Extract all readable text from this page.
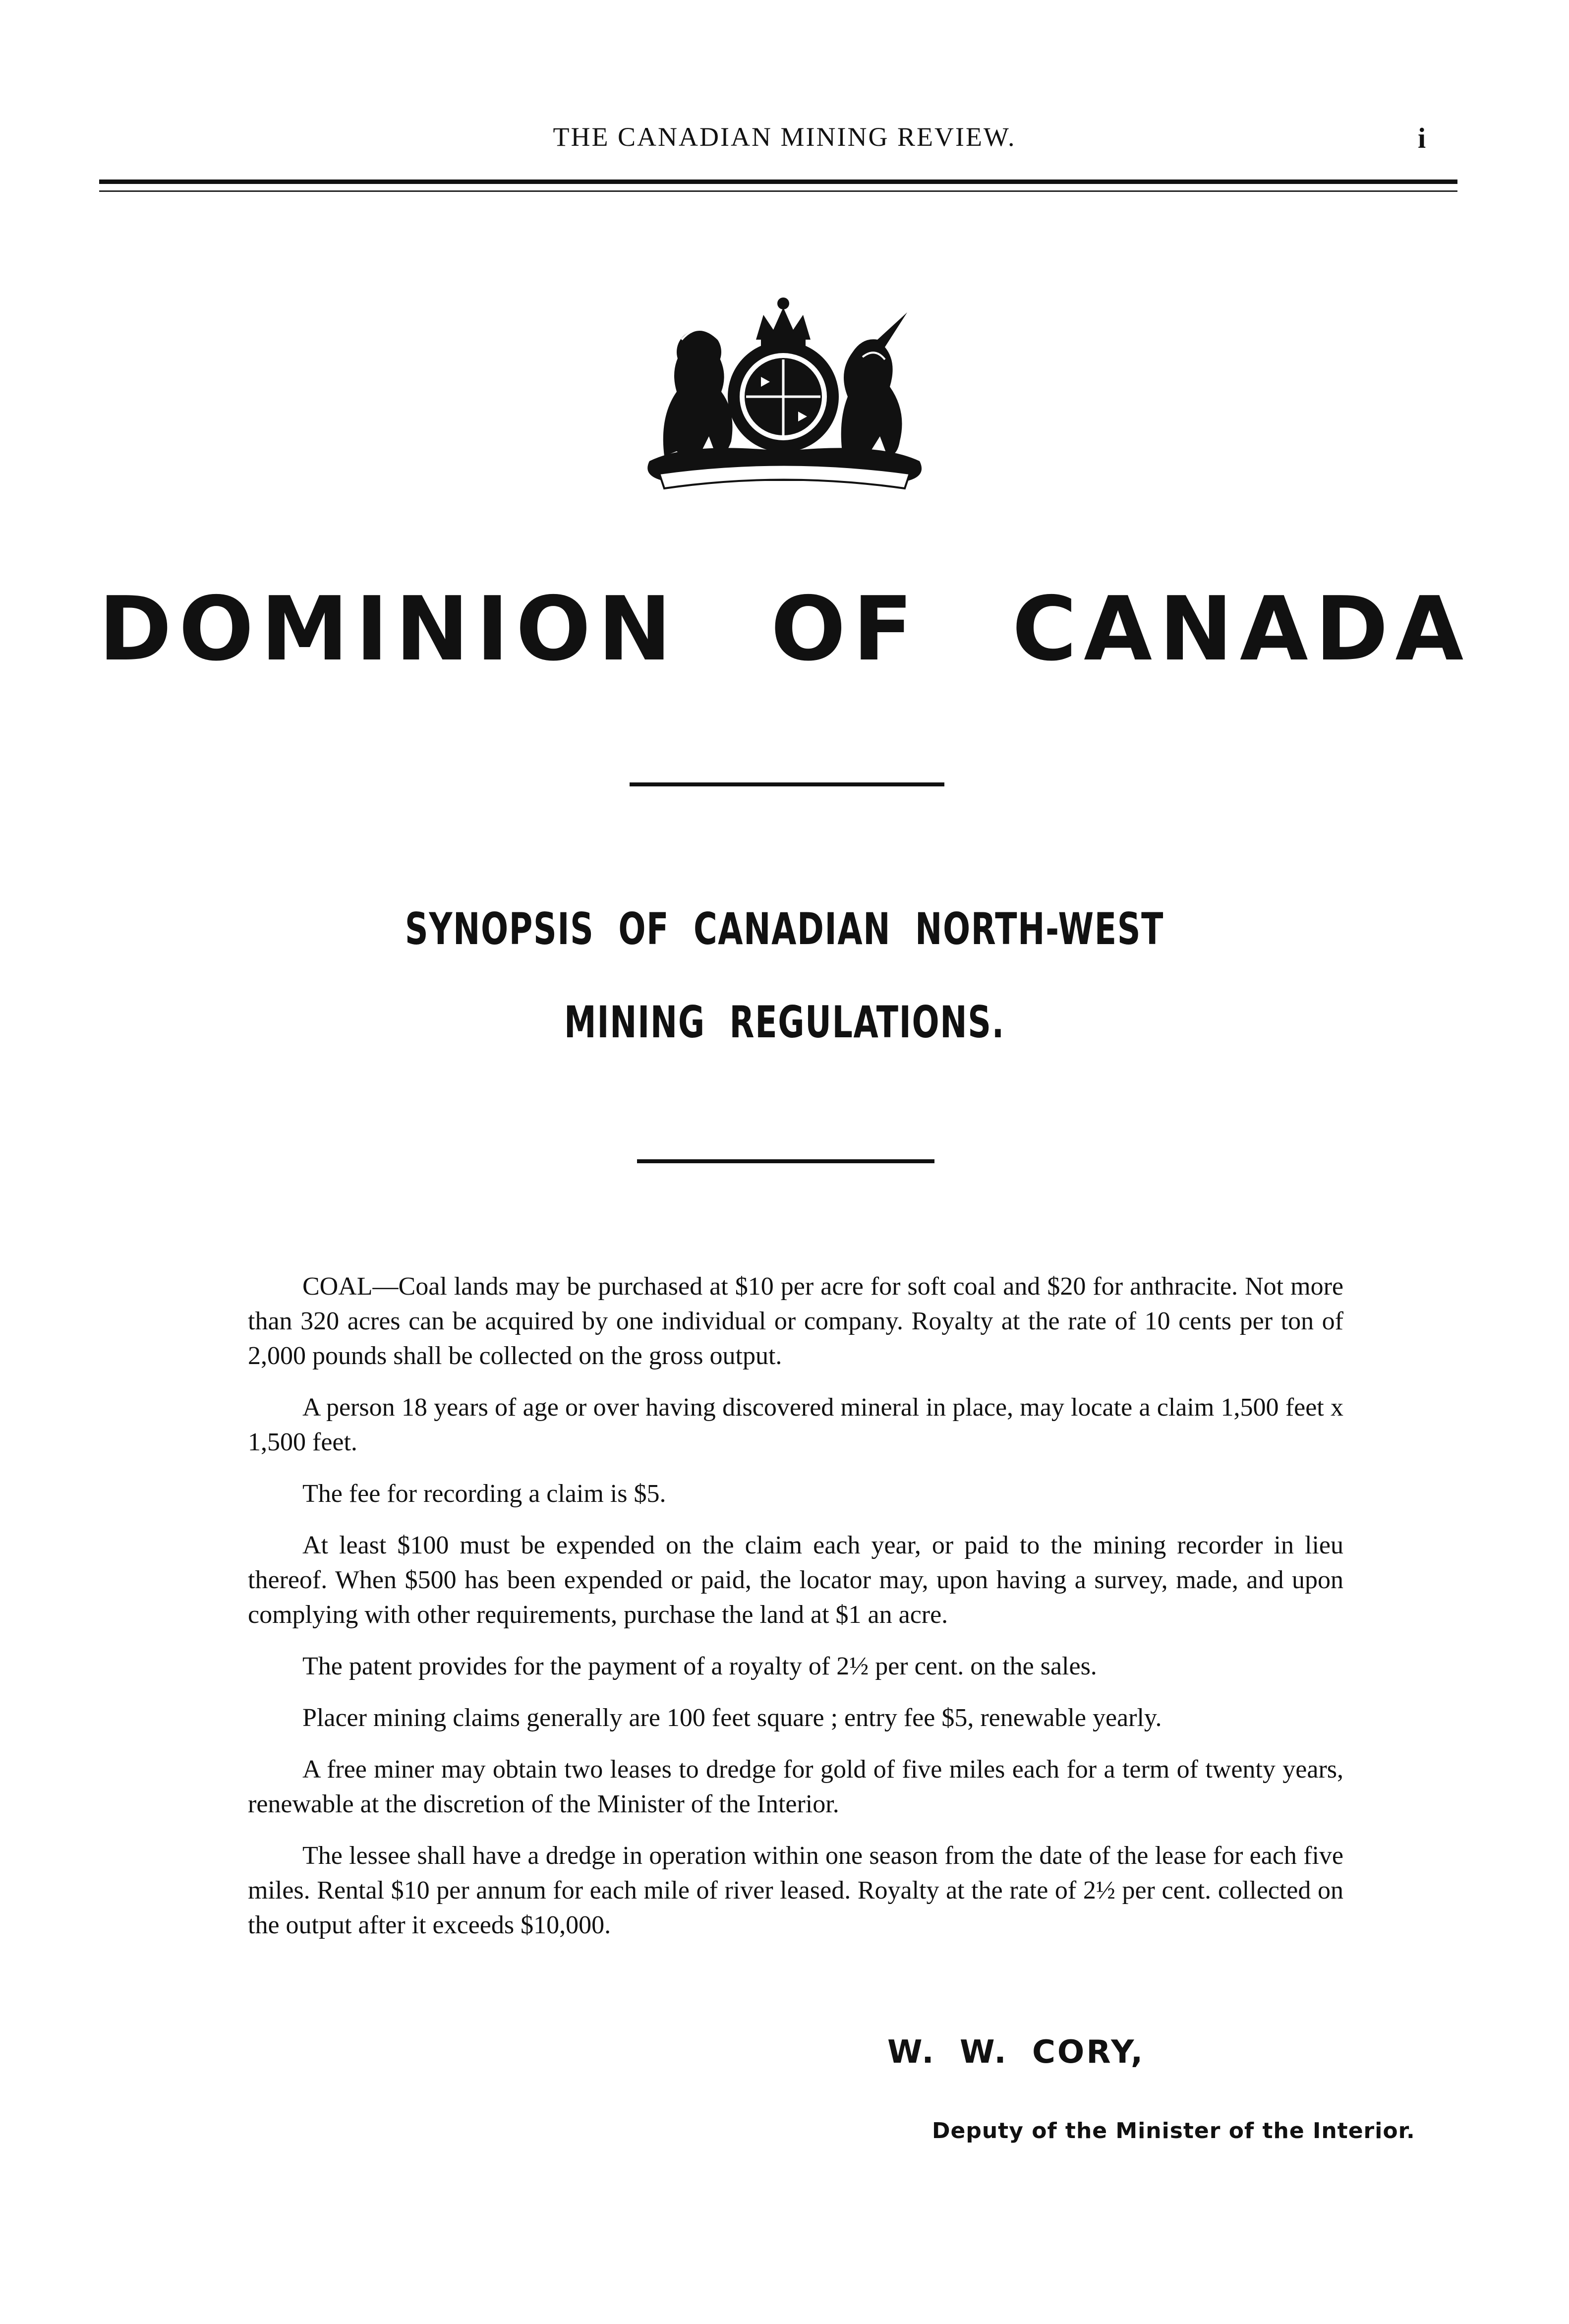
THE CANADIAN MINING REVIEW.	i
DOMINION OF CANADA
SYNOPSIS OF CANADIAN NORTH-WEST
MINING REGULATIONS.

COAL—Coal lands may be purchased at $10 per acre for soft coal and $20 for anthracite. Not more than 320 acres can be acquired by one individual or company. Royalty at the rate of 10 cents per ton of 2,000 pounds shall be collected on the gross output.

A person 18 years of age or over having discovered mineral in place, may locate a claim 1,500 feet x 1,500 feet.

The fee for recording a claim is $5.

At least $100 must be expended on the claim each year, or paid to the mining recorder in lieu thereof. When $500 has been expended or paid, the locator may, upon having a survey, made, and upon complying with other requirements, purchase the land at $1 an acre.

The patent provides for the payment of a royalty of 2½ per cent. on the sales.

Placer mining claims generally are 100 feet square ; entry fee $5, renewable yearly.

A free miner may obtain two leases to dredge for gold of five miles each for a term of twenty years, renewable at the discretion of the Minister of the Interior.

The lessee shall have a dredge in operation within one season from the date of the lease for each five miles. Rental $10 per annum for each mile of river leased. Royalty at the rate of 2½ per cent. collected on the output after it exceeds $10,000.

W. W. CORY,
Deputy of the Minister of the Interior.
